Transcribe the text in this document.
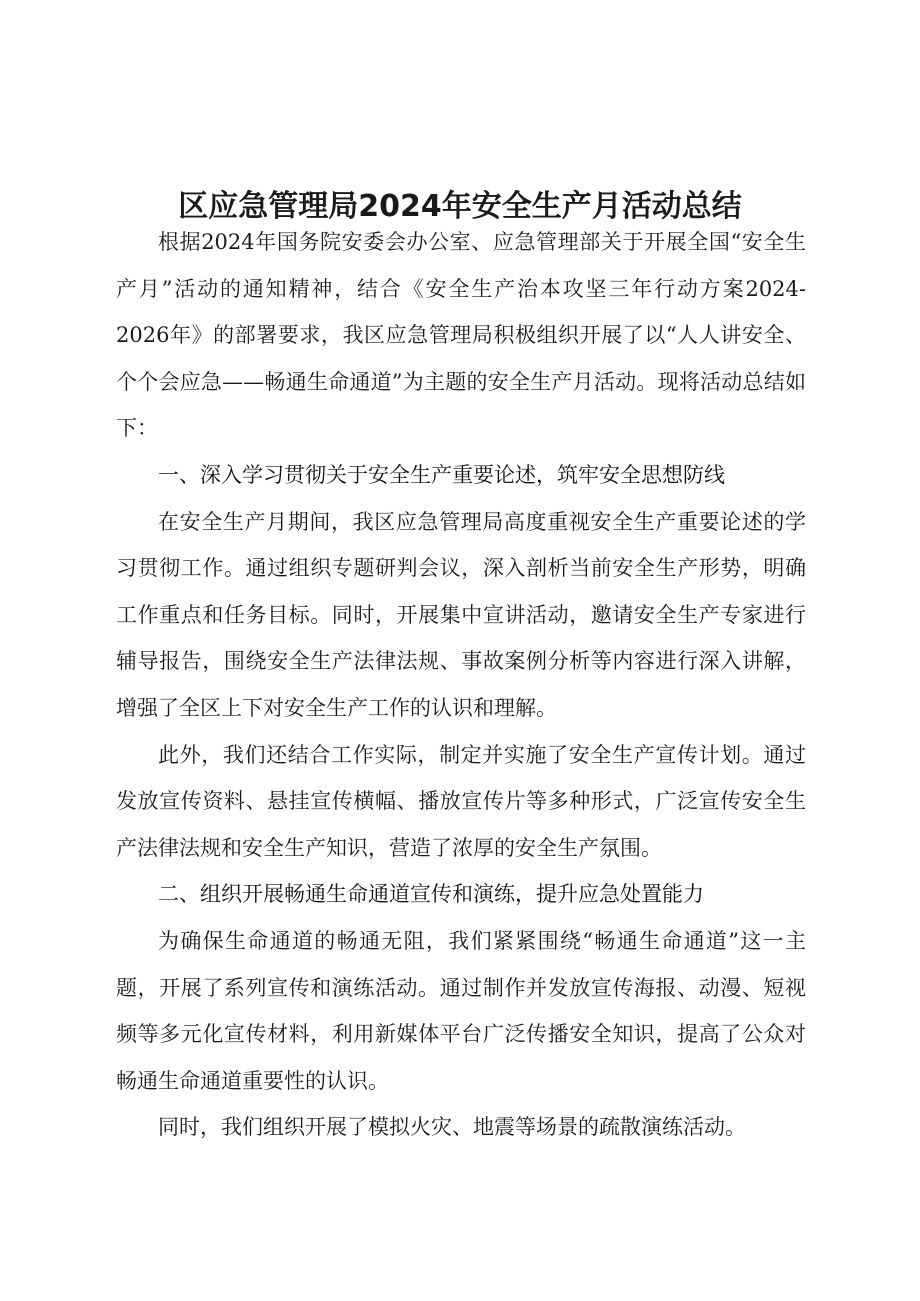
区应急管理局2024年安全生产月活动总结

根据2024年国务院安委会办公室、应急管理部关于开展全国“安全生产月”活动的通知精神，结合《安全生产治本攻坚三年行动方案2024-2026年》的部署要求，我区应急管理局积极组织开展了以“人人讲安全、个个会应急——畅通生命通道”为主题的安全生产月活动。现将活动总结如下：

一、深入学习贯彻关于安全生产重要论述，筑牢安全思想防线

在安全生产月期间，我区应急管理局高度重视安全生产重要论述的学习贯彻工作。通过组织专题研判会议，深入剖析当前安全生产形势，明确工作重点和任务目标。同时，开展集中宣讲活动，邀请安全生产专家进行辅导报告，围绕安全生产法律法规、事故案例分析等内容进行深入讲解，增强了全区上下对安全生产工作的认识和理解。

此外，我们还结合工作实际，制定并实施了安全生产宣传计划。通过发放宣传资料、悬挂宣传横幅、播放宣传片等多种形式，广泛宣传安全生产法律法规和安全生产知识，营造了浓厚的安全生产氛围。

二、组织开展畅通生命通道宣传和演练，提升应急处置能力

为确保生命通道的畅通无阻，我们紧紧围绕“畅通生命通道”这一主题，开展了系列宣传和演练活动。通过制作并发放宣传海报、动漫、短视频等多元化宣传材料，利用新媒体平台广泛传播安全知识，提高了公众对畅通生命通道重要性的认识。

同时，我们组织开展了模拟火灾、地震等场景的疏散演练活动。
